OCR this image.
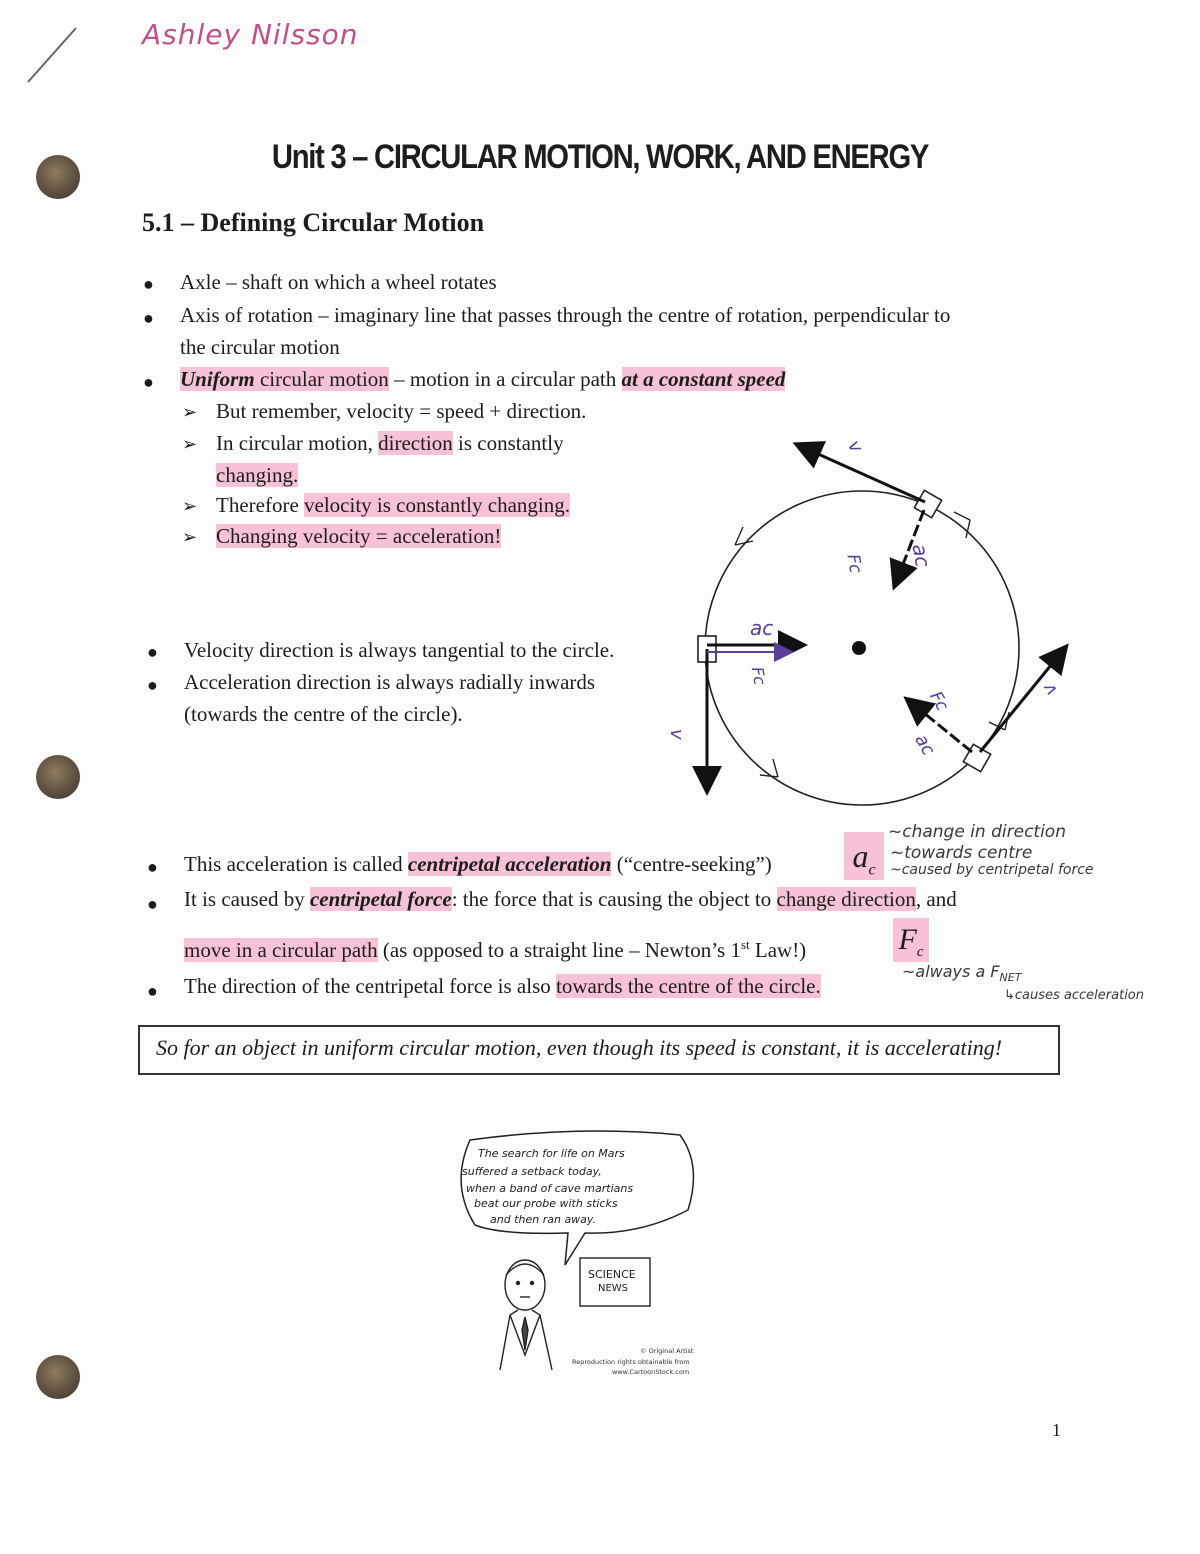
Ashley Nilsson
Unit 3 – CIRCULAR MOTION, WORK, AND ENERGY
5.1 – Defining Circular Motion
● Axle – shaft on which a wheel rotates
● Axis of rotation – imaginary line that passes through the centre of rotation, perpendicular to
the circular motion
● Uniform circular motion – motion in a circular path at a constant speed
➢ But remember, velocity = speed + direction.
➢ In circular motion, direction is constantly
changing.
➢ Therefore velocity is constantly changing.
➢ Changing velocity = acceleration!
● Velocity direction is always tangential to the circle.
● Acceleration direction is always radially inwards
(towards the centre of the circle).
v
Fc ac
ac
Fc
v
Fc
ac
v
● This acceleration is called centripetal acceleration (“centre-seeking”)	$a_c$
~change in direction
~towards centre
~caused by centripetal force
● It is caused by centripetal force: the force that is causing the object to change direction, and
move in a circular path (as opposed to a straight line – Newton’s 1st Law!)	$F_c$
● The direction of the centripetal force is also towards the centre of the circle.
~always a $F_{NET}$
↳causes acceleration
So for an object in uniform circular motion, even though its speed is constant, it is accelerating!
The search for life on Mars
suffered a setback today,
when a band of cave martians
beat our probe with sticks
and then ran away.
SCIENCE
NEWS
© Original Artist
Reproduction rights obtainable from
www.CartoonStock.com
1
